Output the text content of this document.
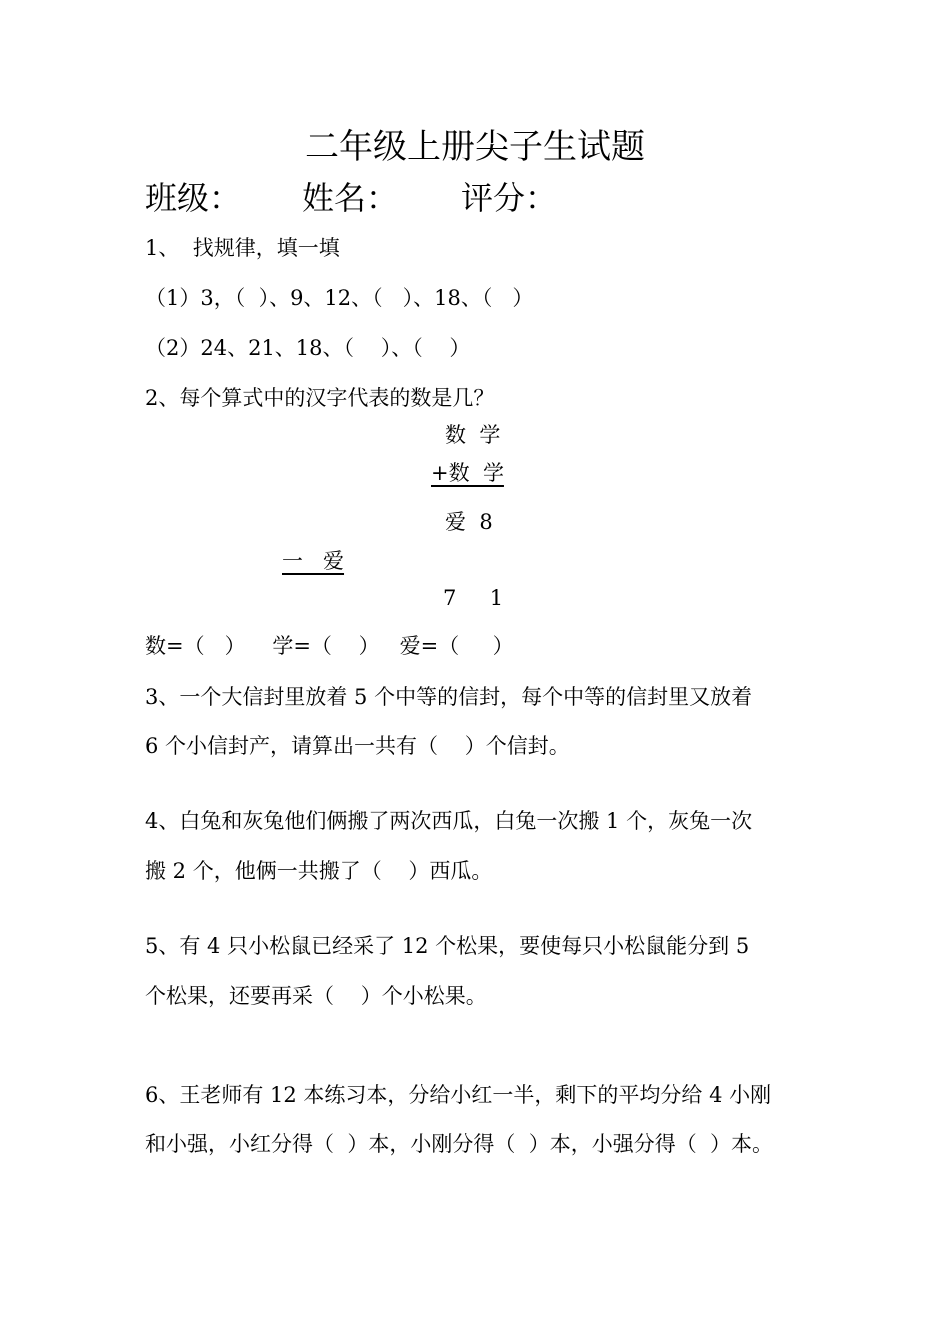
二年级上册尖子生试题
班级： 姓名： 评分：
1、  找规律，填一填
（1）3，（  ）、9、12、（   ）、18、（   ）
（2）24、21、18、（    ）、（    ）
2、每个算式中的汉字代表的数是几？
数  学
+数  学
爱  8
一   爱
7     1
数=（   ）    学=（    ）   爱=（     ）
3、一个大信封里放着 5 个中等的信封，每个中等的信封里又放着
6 个小信封产，请算出一共有（    ）个信封。
4、白兔和灰兔他们俩搬了两次西瓜，白兔一次搬 1 个，灰兔一次
搬 2 个，他俩一共搬了（    ）西瓜。
5、有 4 只小松鼠已经采了 12 个松果，要使每只小松鼠能分到 5
个松果，还要再采（    ）个小松果。
6、王老师有 12 本练习本，分给小红一半，剩下的平均分给 4 小刚
和小强，小红分得（  ）本，小刚分得（  ）本，小强分得（  ）本。
